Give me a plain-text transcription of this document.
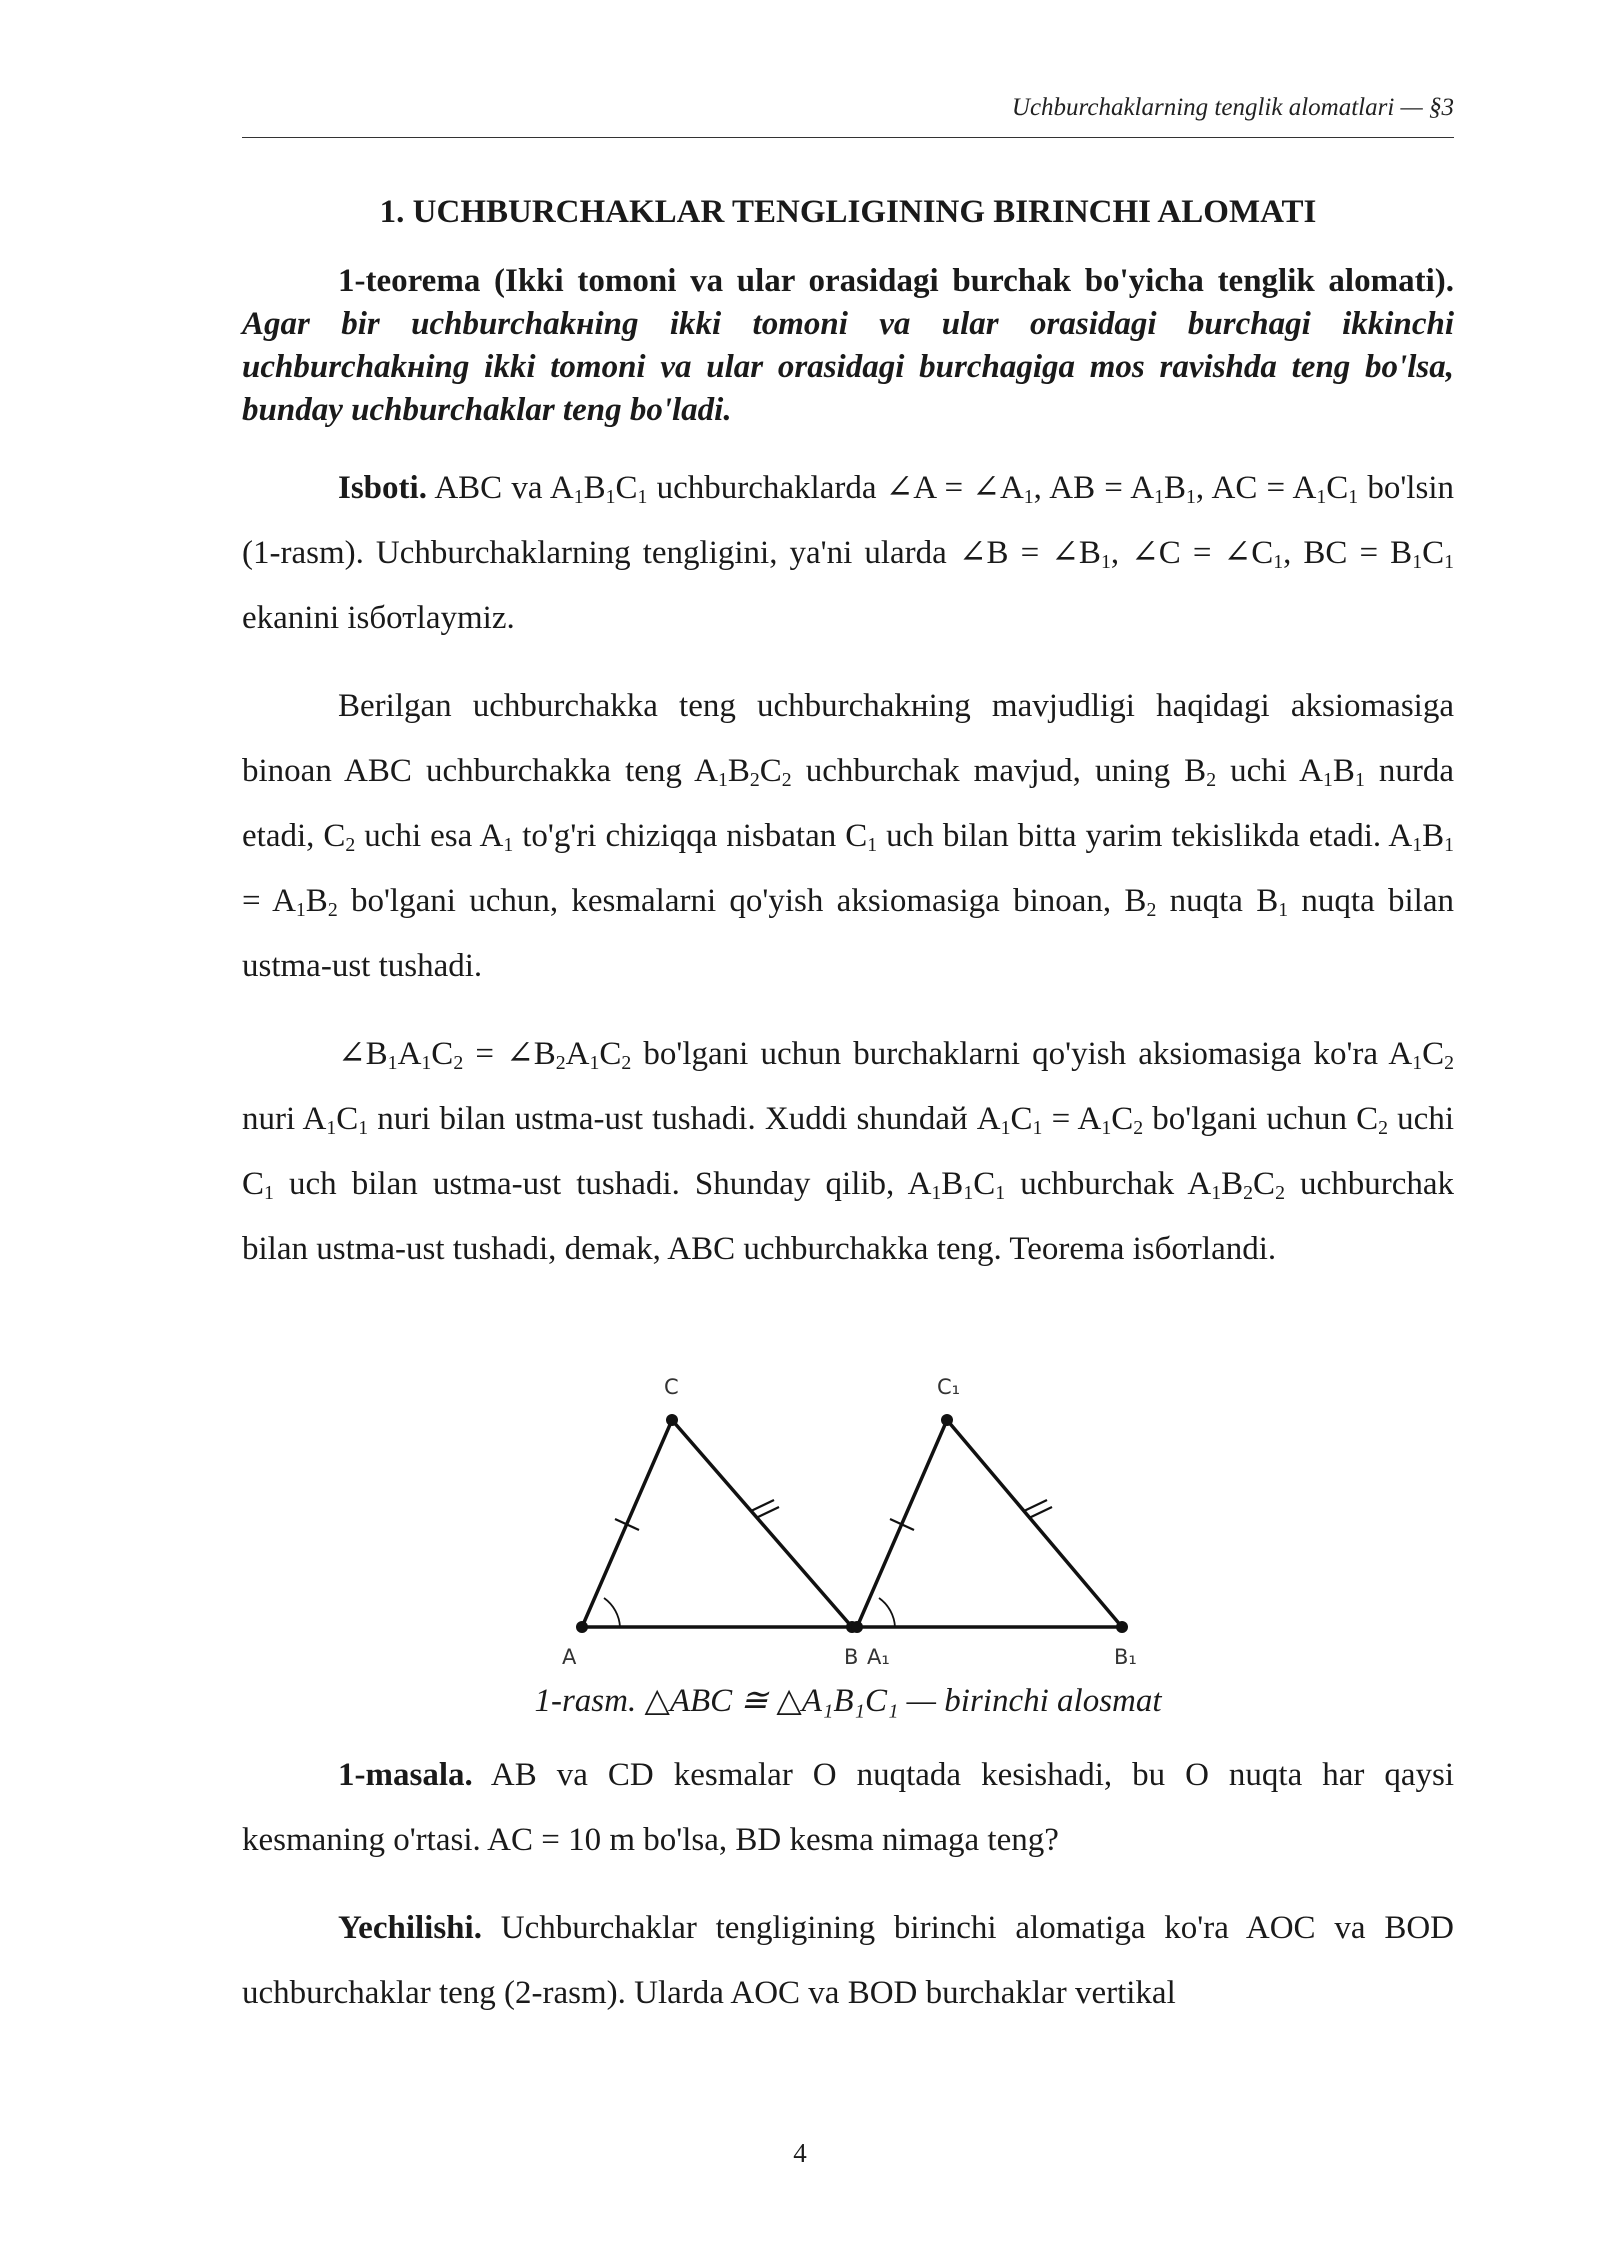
Uchburchaklarning tenglik alomatlari — §3
1. UCHBURCHAKLAR TENGLIGINING BIRINCHI ALOMATI

1-teorema (Ikki tomoni va ular orasidagi burchak bo'yicha tenglik alomati). Agar bir uchburchakнing ikki tomoni va ular orasidagi burchagi ikkinchi uchburchakнing ikki tomoni va ular orasidagi burchagiga mos ravishda teng bo'lsa, bunday uchburchaklar teng bo'ladi.

Isboti. ABC va $A_1B_1C_1$ uchburchaklarda ∠A = $\angle A_1$, AB = $A_1B_1$, AC = $A_1C_1$ bo'lsin (1-rasm). Uchburchaklarning tengligini, ya'ni ularda ∠B = $\angle B_1$, ∠C = $\angle C_1$, BC = $B_1C_1$ ekanini isботlaymiz.

Berilgan uchburchakka teng uchburchakнing mavjudligi haqidagi aksiomasiga binoan ABC uchburchakka teng $A_1B_2C_2$ uchburchak mavjud, uning $B_2$ uchi $A_1B_1$ nurda etadi, $C_2$ uchi esa $A_1$ to'g'ri chiziqqa nisbatan $C_1$ uch bilan bitta yarim tekislikda etadi. $A_1B_1 = A_1B_2$ bo'lgani uchun, kesmalarni qo'yish aksiomasiga binoan, $B_2$ nuqta $B_1$ nuqta bilan ustma-ust tushadi.

$\angle B_1A_1C_2$ = $\angle B_2A_1C_2$ bo'lgani uchun burchaklarni qo'yish aksiomasiga ko'ra $A_1C_2$ nuri $A_1C_1$ nuri bilan ustma-ust tushadi. Xuddi shundaй $A_1C_1 = A_1C_2$ bo'lgani uchun $C_2$ uchi $C_1$ uch bilan ustma-ust tushadi. Shunday qilib, $A_1B_1C_1$ uchburchak $A_1B_2C_2$ uchburchak bilan ustma-ust tushadi, demak, ABC uchburchakka teng. Teorema isботlandi.

C
A	B
C₁
A₁	B₁
1-rasm. △ABC ≅ △A₁B₁C₁ — birinchi alosmat

1-masala. AB va CD kesmalar O nuqtada kesishadi, bu O nuqta har qaysi kesmaning o'rtasi. AC = 10 m bo'lsa, BD kesma nimaga teng?

Yechilishi. Uchburchaklar tengligining birinchi alomatiga ko'ra AOC va BOD uchburchaklar teng (2-rasm). Ularda AOC va BOD burchaklar vertikal

4
